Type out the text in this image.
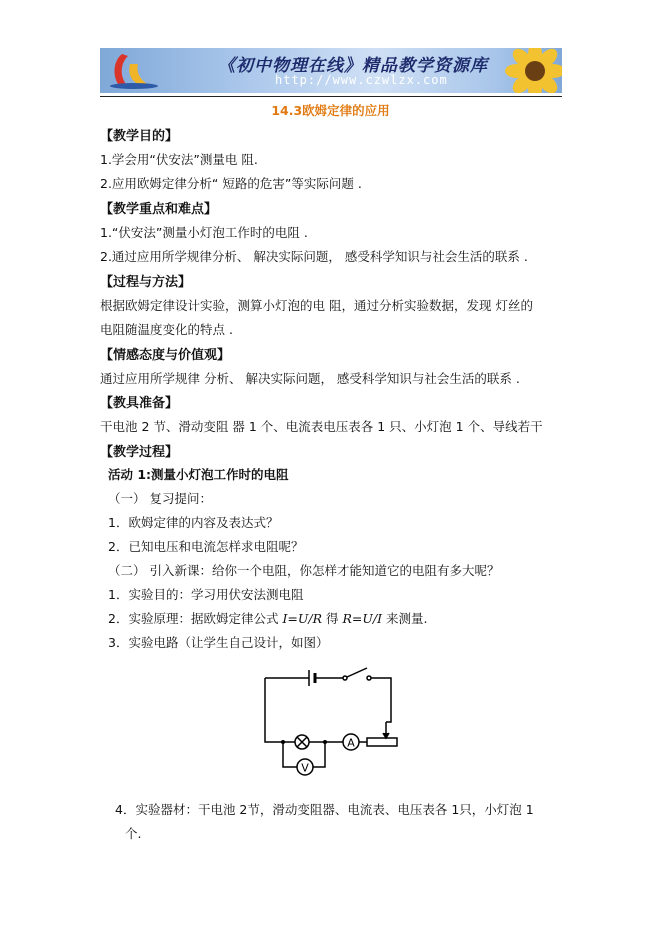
《初中物理在线》精品教学资源库
http://www.czwlzx.com
14.3欧姆定律的应用
【教学目的】
1.学会用“伏安法”测量电 阻.
2.应用欧姆定律分析“ 短路的危害”等实际问题 .
【教学重点和难点】
1.“伏安法”测量小灯泡工作时的电阻 .
2.通过应用所学规律分析、 解决实际问题， 感受科学知识与社会生活的联系 .
【过程与方法】
根据欧姆定律设计实验，测算小灯泡的电 阻，通过分析实验数据，发现 灯丝的
电阻随温度变化的特点 .
【情感态度与价值观】
通过应用所学规律 分析、 解决实际问题， 感受科学知识与社会生活的联系 .
【教具准备】
干电池 2 节、滑动变阻 器 1 个、电流表电压表各 1 只、小灯泡 1 个、导线若干
【教学过程】
活动 1:测量小灯泡工作时的电阻
（一） 复习提问：
1．欧姆定律的内容及表达式？
2．已知电压和电流怎样求电阻呢？
（二） 引入新课：给你一个电阻，你怎样才能知道它的电阻有多大呢？
1．实验目的：学习用伏安法测电阻
2．实验原理：据欧姆定律公式 I=U/R 得 R=U/I 来测量.
3．实验电路（让学生自己设计，如图）
A
V
4．实验器材：干电池 2节，滑动变阻器、电流表、电压表各 1只，小灯泡 1
个.
